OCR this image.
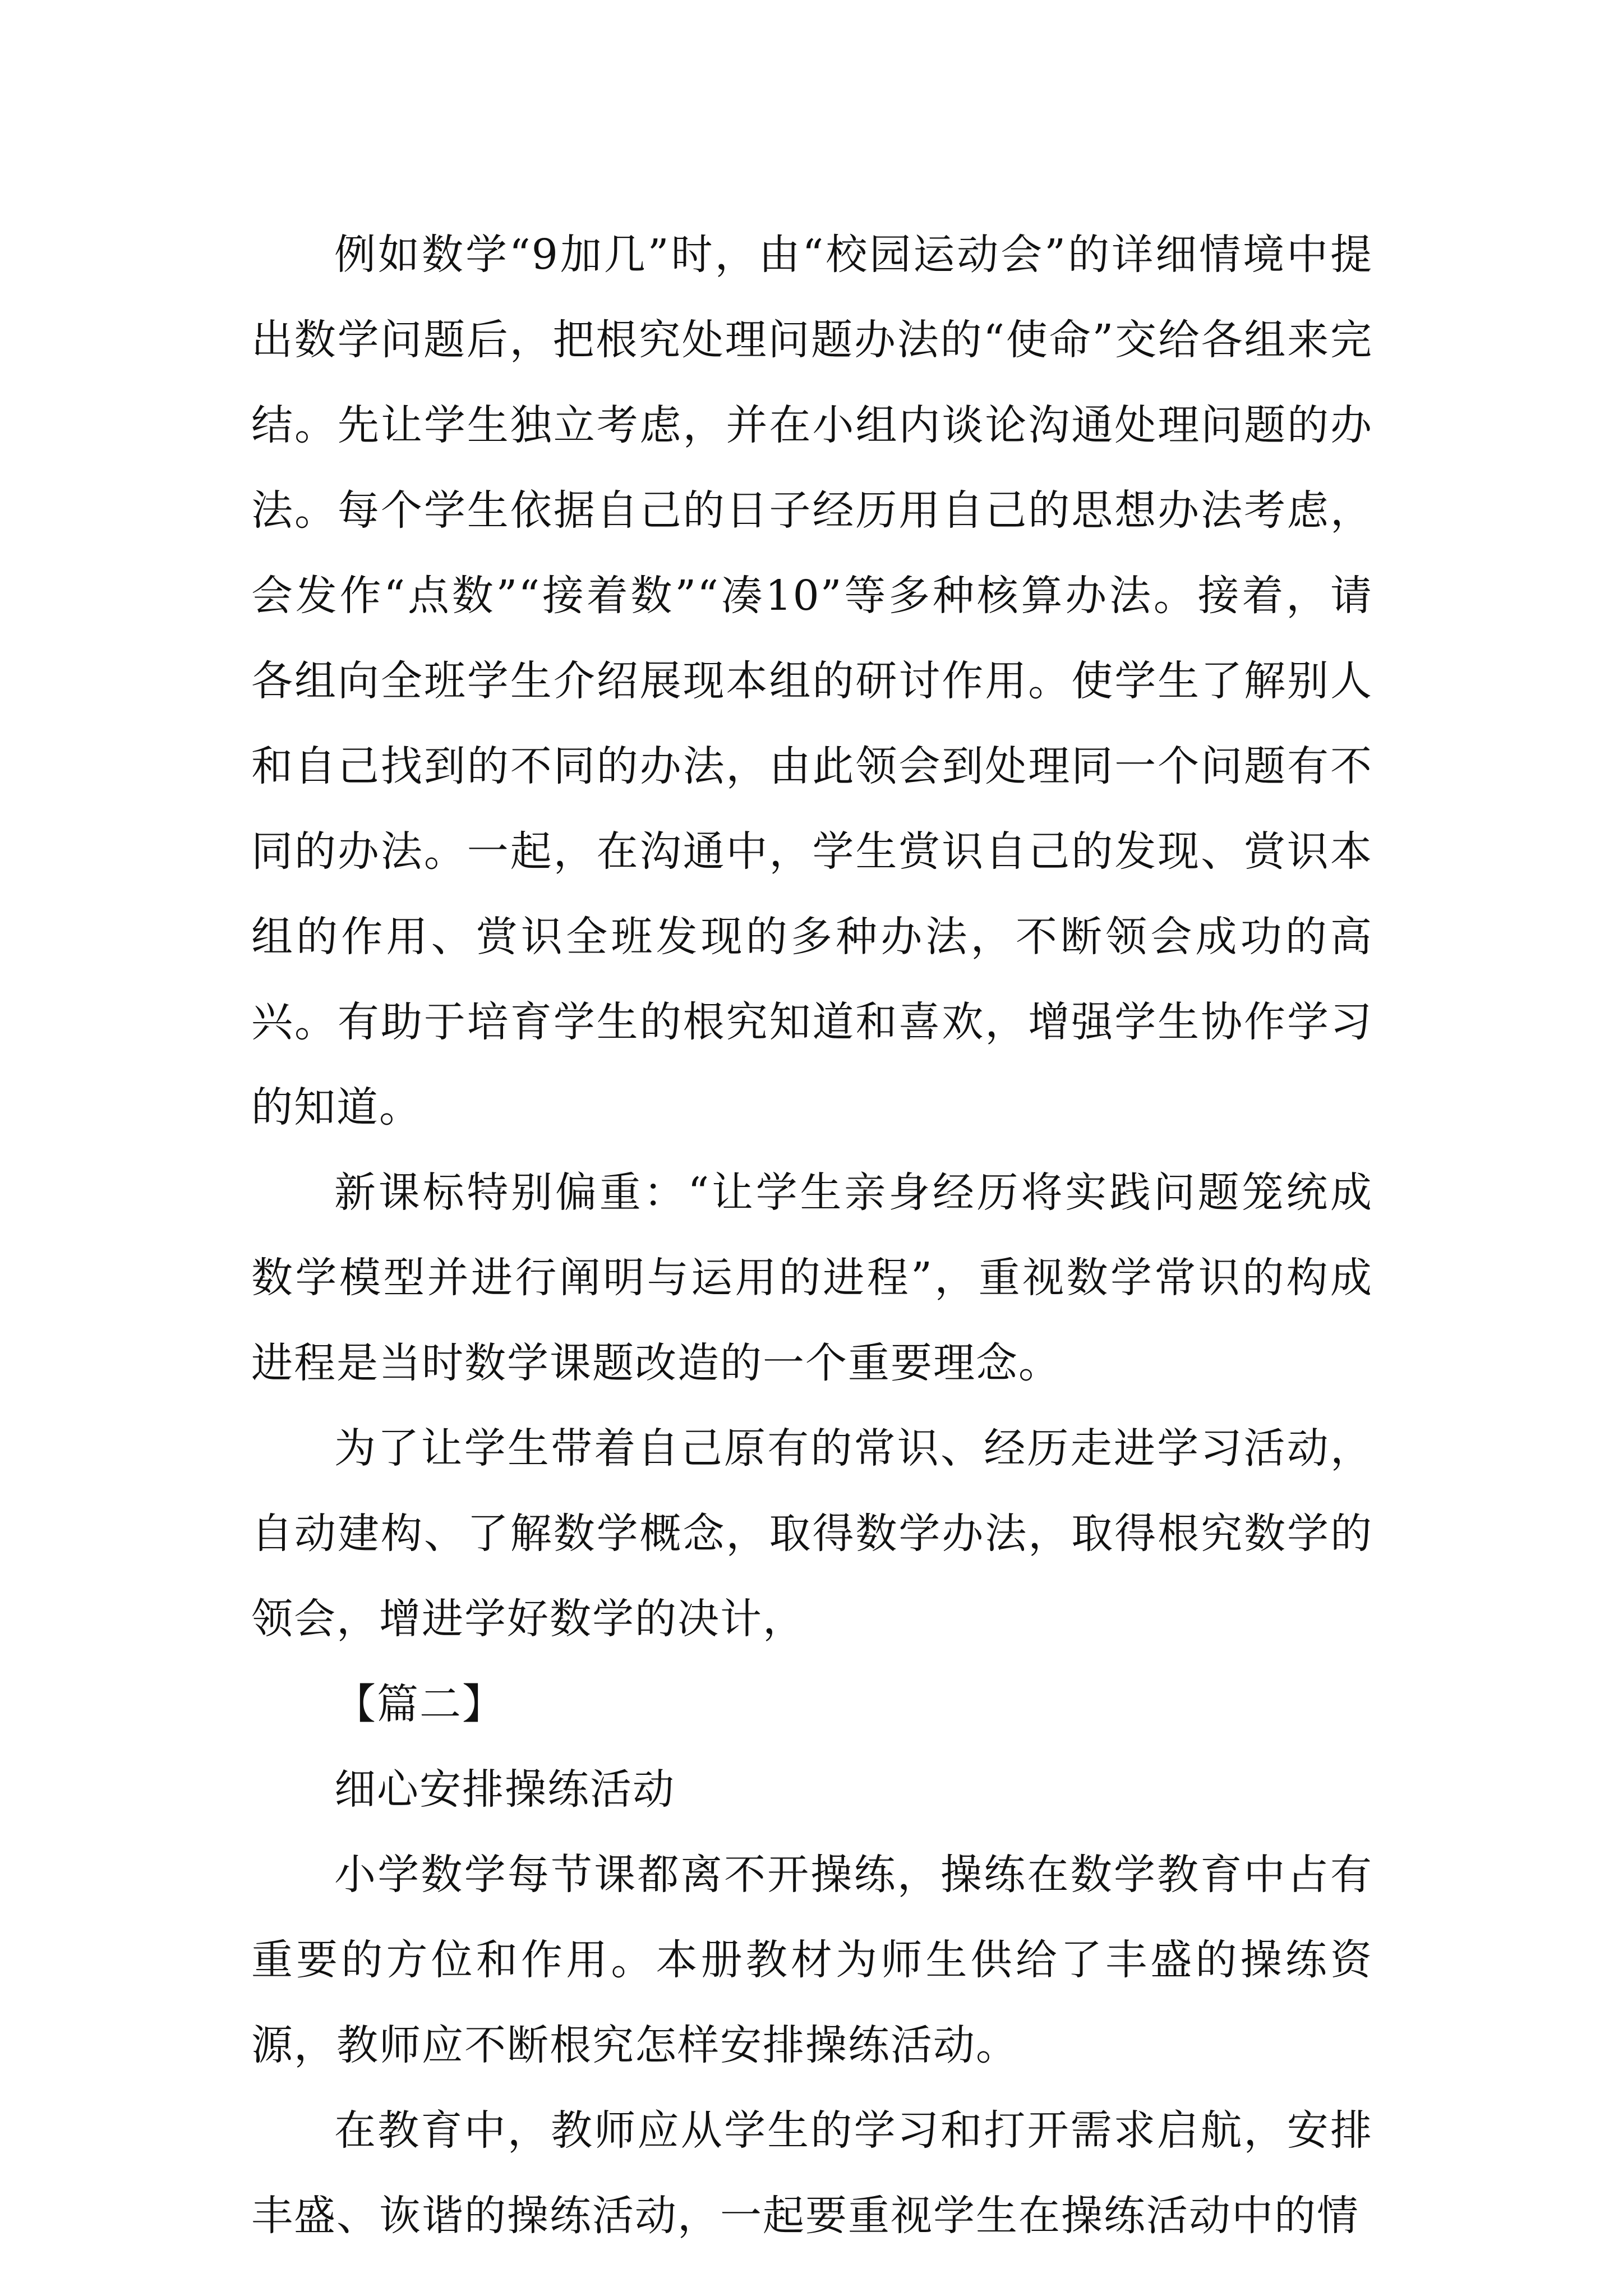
例如数学“9加几”时，由“校园运动会”的详细情境中提出数学问题后，把根究处理问题办法的“使命”交给各组来完结。先让学生独立考虑，并在小组内谈论沟通处理问题的办法。每个学生依据自己的日子经历用自己的思想办法考虑，会发作“点数”“接着数”“凑10”等多种核算办法。接着，请各组向全班学生介绍展现本组的研讨作用。使学生了解别人和自己找到的不同的办法，由此领会到处理同一个问题有不同的办法。一起，在沟通中，学生赏识自己的发现、赏识本组的作用、赏识全班发现的多种办法，不断领会成功的高兴。有助于培育学生的根究知道和喜欢，增强学生协作学习的知道。

新课标特别偏重：“让学生亲身经历将实践问题笼统成数学模型并进行阐明与运用的进程”，重视数学常识的构成进程是当时数学课题改造的一个重要理念。

为了让学生带着自己原有的常识、经历走进学习活动，自动建构、了解数学概念，取得数学办法，取得根究数学的领会，增进学好数学的决计，

【篇二】

细心安排操练活动

小学数学每节课都离不开操练，操练在数学教育中占有重要的方位和作用。本册教材为师生供给了丰盛的操练资源，教师应不断根究怎样安排操练活动。

在教育中，教师应从学生的学习和打开需求启航，安排丰盛、诙谐的操练活动，一起要重视学生在操练活动中的情
